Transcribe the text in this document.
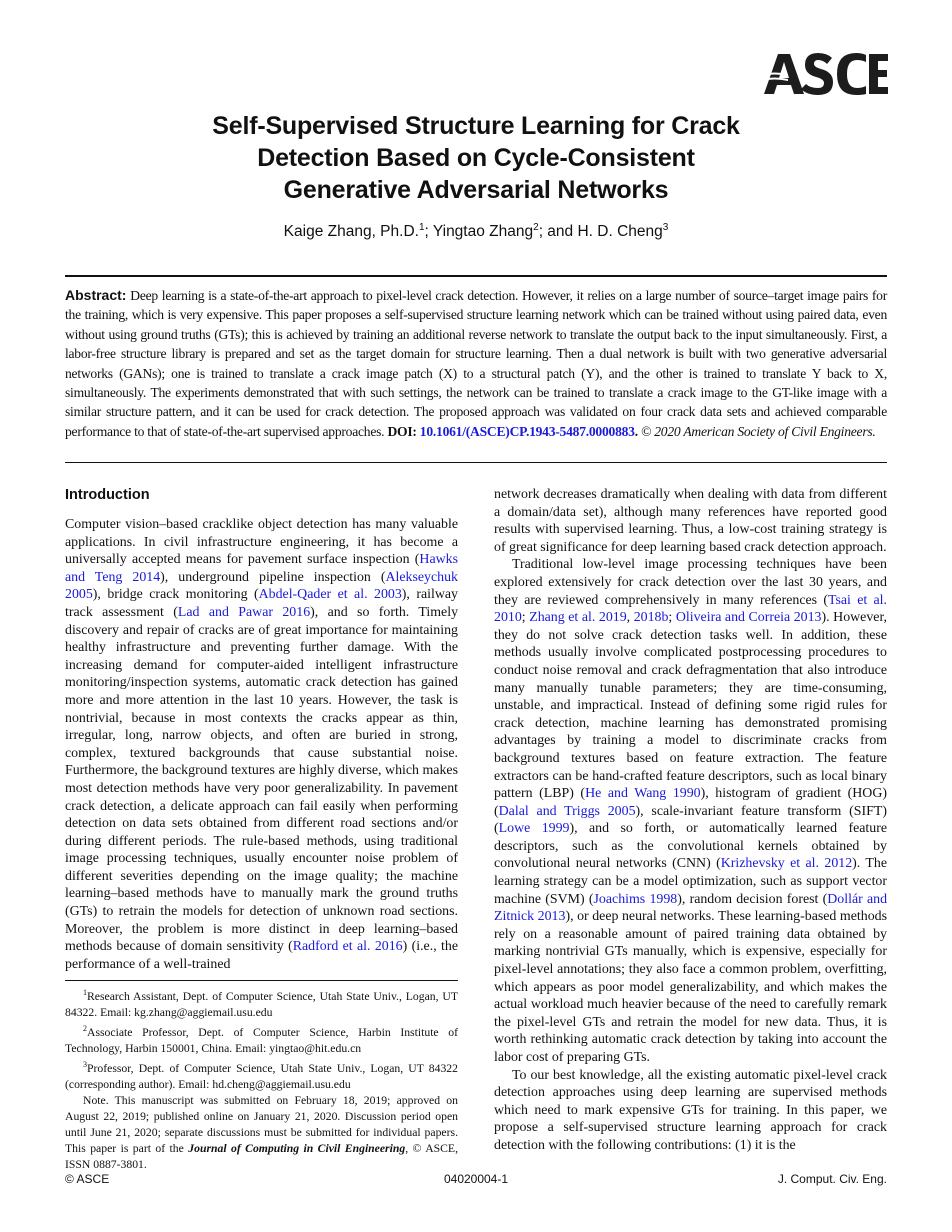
Self-Supervised Structure Learning for Crack
Detection Based on Cycle-Consistent
Generative Adversarial Networks
Kaige Zhang, Ph.D.$^1$; Yingtao Zhang$^2$; and H. D. Cheng$^3$
Abstract: Deep learning is a state-of-the-art approach to pixel-level crack detection. However, it relies on a large number of source–target image pairs for the training, which is very expensive. This paper proposes a self-supervised structure learning network which can be trained without using paired data, even without using ground truths (GTs); this is achieved by training an additional reverse network to translate the output back to the input simultaneously. First, a labor-free structure library is prepared and set as the target domain for structure learning. Then a dual network is built with two generative adversarial networks (GANs); one is trained to translate a crack image patch (X) to a structural patch (Y), and the other is trained to translate Y back to X, simultaneously. The experiments demonstrated that with such settings, the network can be trained to translate a crack image to the GT-like image with a similar structure pattern, and it can be used for crack detection. The proposed approach was validated on four crack data sets and achieved comparable performance to that of state-of-the-art supervised approaches. DOI: 10.1061/(ASCE)CP.1943-5487.0000883. © 2020 American Society of Civil Engineers.
Introduction

Computer vision–based cracklike object detection has many valuable applications. In civil infrastructure engineering, it has become a universally accepted means for pavement surface inspection (Hawks and Teng 2014), underground pipeline inspection (Alekseychuk 2005), bridge crack monitoring (Abdel-Qader et al. 2003), railway track assessment (Lad and Pawar 2016), and so forth. Timely discovery and repair of cracks are of great importance for maintaining healthy infrastructure and preventing further damage. With the increasing demand for computer-aided intelligent infrastructure monitoring/inspection systems, automatic crack detection has gained more and more attention in the last 10 years. However, the task is nontrivial, because in most contexts the cracks appear as thin, irregular, long, narrow objects, and often are buried in strong, complex, textured backgrounds that cause substantial noise. Furthermore, the background textures are highly diverse, which makes most detection methods have very poor generalizability. In pavement crack detection, a delicate approach can fail easily when performing detection on data sets obtained from different road sections and/or during different periods. The rule-based methods, using traditional image processing techniques, usually encounter noise problem of different severities depending on the image quality; the machine learning–based methods have to manually mark the ground truths (GTs) to retrain the models for detection of unknown road sections. Moreover, the problem is more distinct in deep learning–based methods because of domain sensitivity (Radford et al. 2016) (i.e., the performance of a well-trained

network decreases dramatically when dealing with data from different a domain/data set), although many references have reported good results with supervised learning. Thus, a low-cost training strategy is of great significance for deep learning based crack detection approach.

Traditional low-level image processing techniques have been explored extensively for crack detection over the last 30 years, and they are reviewed comprehensively in many references (Tsai et al. 2010; Zhang et al. 2019, 2018b; Oliveira and Correia 2013). However, they do not solve crack detection tasks well. In addition, these methods usually involve complicated postprocessing procedures to conduct noise removal and crack defragmentation that also introduce many manually tunable parameters; they are time-consuming, unstable, and impractical. Instead of defining some rigid rules for crack detection, machine learning has demonstrated promising advantages by training a model to discriminate cracks from background textures based on feature extraction. The feature extractors can be hand-crafted feature descriptors, such as local binary pattern (LBP) (He and Wang 1990), histogram of gradient (HOG) (Dalal and Triggs 2005), scale-invariant feature transform (SIFT) (Lowe 1999), and so forth, or automatically learned feature descriptors, such as the convolutional kernels obtained by convolutional neural networks (CNN) (Krizhevsky et al. 2012). The learning strategy can be a model optimization, such as support vector machine (SVM) (Joachims 1998), random decision forest (Dollár and Zitnick 2013), or deep neural networks. These learning-based methods rely on a reasonable amount of paired training data obtained by marking nontrivial GTs manually, which is expensive, especially for pixel-level annotations; they also face a common problem, overfitting, which appears as poor model generalizability, and which makes the actual workload much heavier because of the need to carefully remark the pixel-level GTs and retrain the model for new data. Thus, it is worth rethinking automatic crack detection by taking into account the labor cost of preparing GTs.

To our best knowledge, all the existing automatic pixel-level crack detection approaches using deep learning are supervised methods which need to mark expensive GTs for training. In this paper, we propose a self-supervised structure learning approach for crack detection with the following contributions: (1) it is the

$^1$Research Assistant, Dept. of Computer Science, Utah State Univ., Logan, UT 84322. Email: kg.zhang@aggiemail.usu.edu

$^2$Associate Professor, Dept. of Computer Science, Harbin Institute of Technology, Harbin 150001, China. Email: yingtao@hit.edu.cn

$^3$Professor, Dept. of Computer Science, Utah State Univ., Logan, UT 84322 (corresponding author). Email: hd.cheng@aggiemail.usu.edu

Note. This manuscript was submitted on February 18, 2019; approved on August 22, 2019; published online on January 21, 2020. Discussion period open until June 21, 2020; separate discussions must be submitted for individual papers. This paper is part of the Journal of Computing in Civil Engineering, © ASCE, ISSN 0887-3801.

© ASCE	04020004-1	J. Comput. Civ. Eng.
